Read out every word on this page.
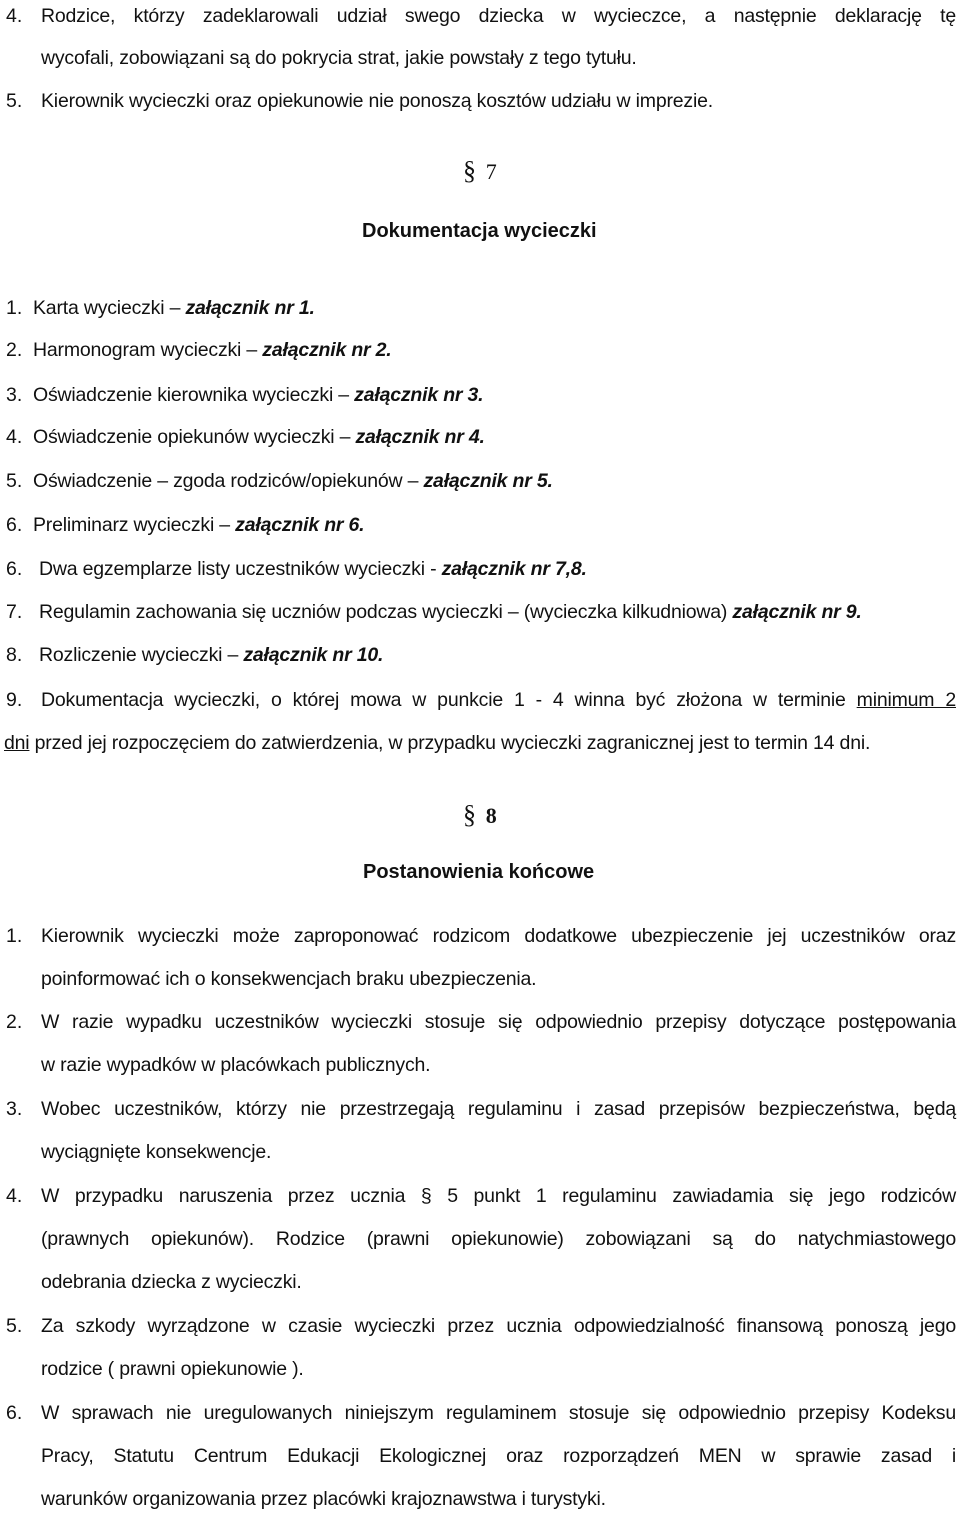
4. Rodzice, którzy zadeklarowali udział swego dziecka w wycieczce, a następnie deklarację tę
wycofali, zobowiązani są do pokrycia strat, jakie powstały z tego tytułu.
5. Kierownik wycieczki oraz opiekunowie nie ponoszą kosztów udziału w imprezie.
§ 7
Dokumentacja wycieczki
1. Karta wycieczki – załącznik nr 1.
2. Harmonogram wycieczki – załącznik nr 2.
3. Oświadczenie kierownika wycieczki – załącznik nr 3.
4. Oświadczenie opiekunów wycieczki – załącznik nr 4.
5. Oświadczenie – zgoda rodziców/opiekunów – załącznik nr 5.
6. Preliminarz wycieczki – załącznik nr 6.
6. Dwa egzemplarze listy uczestników wycieczki - załącznik nr 7,8.
7. Regulamin zachowania się uczniów podczas wycieczki – (wycieczka kilkudniowa) załącznik nr 9.
8. Rozliczenie wycieczki – załącznik nr 10.
9. Dokumentacja wycieczki, o której mowa w punkcie 1 - 4 winna być złożona w terminie minimum 2
dni przed jej rozpoczęciem do zatwierdzenia, w przypadku wycieczki zagranicznej jest to termin 14 dni.
§ 8
Postanowienia końcowe
1. Kierownik wycieczki może zaproponować rodzicom dodatkowe ubezpieczenie jej uczestników oraz
poinformować ich o konsekwencjach braku ubezpieczenia.
2. W razie wypadku uczestników wycieczki stosuje się odpowiednio przepisy dotyczące postępowania
w razie wypadków w placówkach publicznych.
3. Wobec uczestników, którzy nie przestrzegają regulaminu i zasad przepisów bezpieczeństwa, będą
wyciągnięte konsekwencje.
4. W przypadku naruszenia przez ucznia § 5 punkt 1 regulaminu zawiadamia się jego rodziców
(prawnych opiekunów). Rodzice (prawni opiekunowie) zobowiązani są do natychmiastowego
odebrania dziecka z wycieczki.
5. Za szkody wyrządzone w czasie wycieczki przez ucznia odpowiedzialność finansową ponoszą jego
rodzice ( prawni opiekunowie ).
6. W sprawach nie uregulowanych niniejszym regulaminem stosuje się odpowiednio przepisy Kodeksu
Pracy, Statutu Centrum Edukacji Ekologicznej oraz rozporządzeń MEN w sprawie zasad i
warunków organizowania przez placówki krajoznawstwa i turystyki.
